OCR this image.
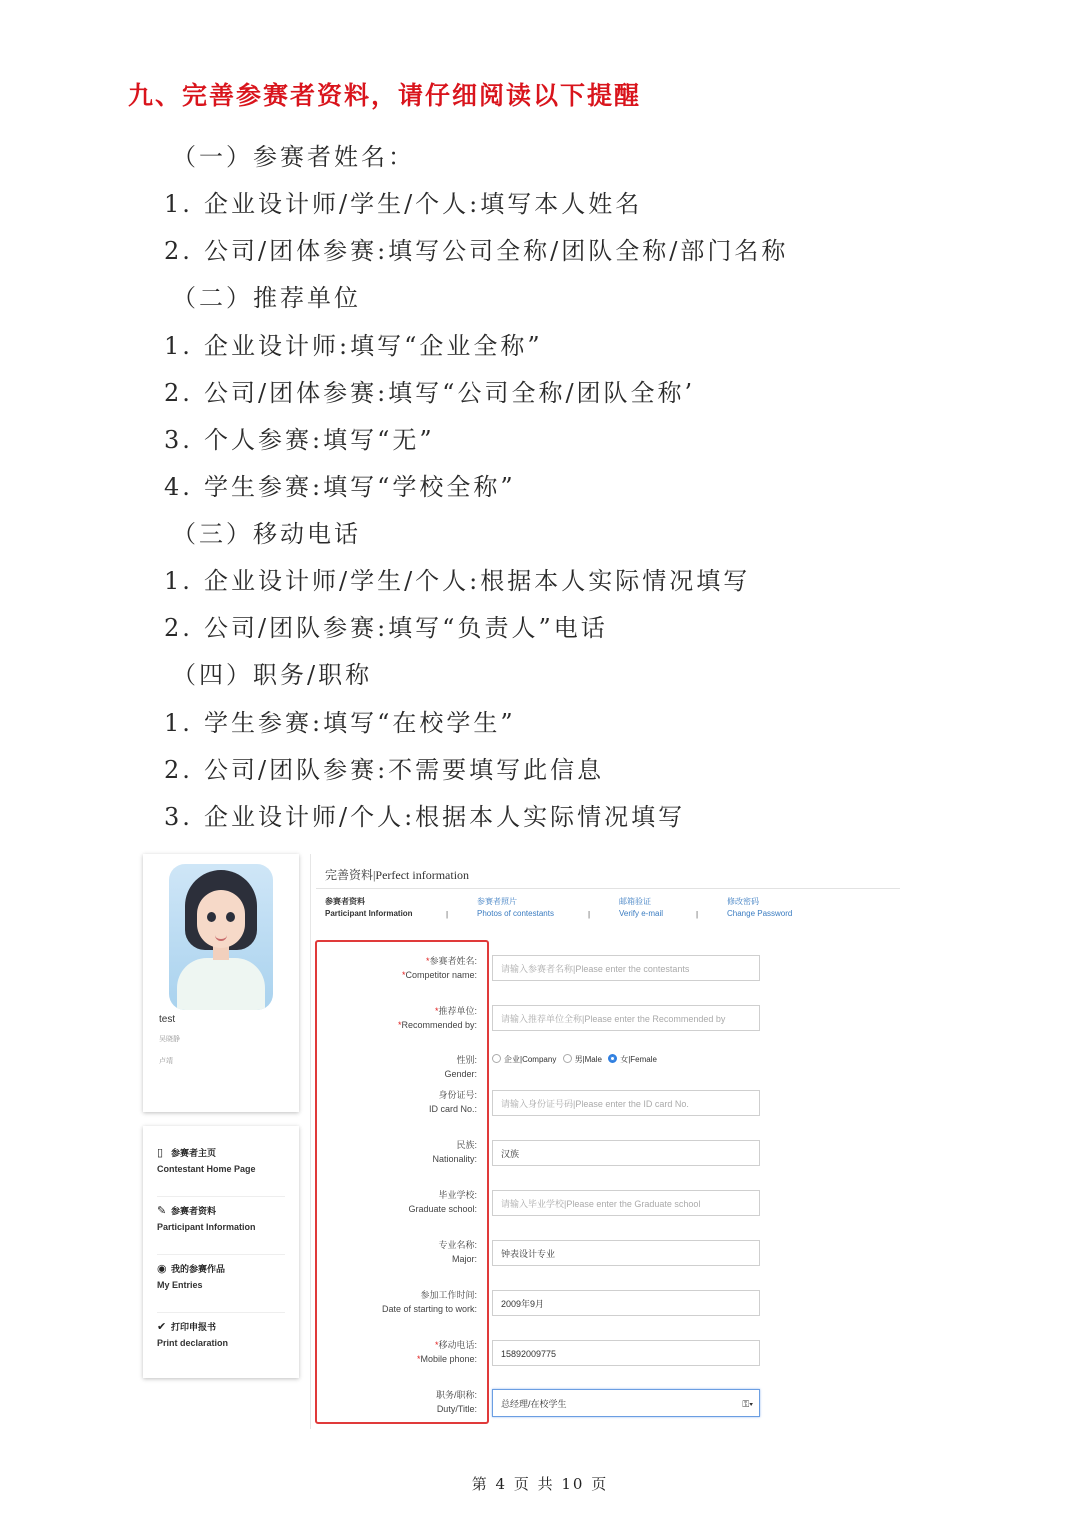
九、完善参赛者资料，请仔细阅读以下提醒
（一）参赛者姓名：
1. 企业设计师/学生/个人:填写本人姓名
2. 公司/团体参赛:填写公司全称/团队全称/部门名称
（二）推荐单位
1. 企业设计师:填写“企业全称”
2. 公司/团体参赛:填写“公司全称/团队全称’
3. 个人参赛:填写“无”
4. 学生参赛:填写“学校全称”
（三）移动电话
1. 企业设计师/学生/个人:根据本人实际情况填写
2. 公司/团队参赛:填写“负责人”电话
（四）职务/职称
1. 学生参赛:填写“在校学生”
2. 公司/团队参赛:不需要填写此信息
3. 企业设计师/个人:根据本人实际情况填写
test
吴晓静
卢靖
▯ 参赛者主页
Contestant Home Page
✎ 参赛者资料
Participant Information
◉ 我的参赛作品
My Entries
✔ 打印申报书
Print declaration
完善资料|Perfect information
参赛者资料
Participant Information	|
参赛者照片
Photos of contestants	|
邮箱验证
Verify e-mail	|
修改密码
Change Password
*参赛者姓名:
*Competitor name:
请输入参赛者名称|Please enter the contestants
*推荐单位:
*Recommended by:
请输入推荐单位全称|Please enter the Recommended by
性别:
Gender:
企业|Company 男|Male 女|Female
身份证号:
ID card No.:	请输入身份证号码|Please enter the ID card No.
民族:
Nationality:	汉族
毕业学校:
Graduate school:	请输入毕业学校|Please enter the Graduate school
专业名称:
Major:	钟表设计专业
参加工作时间:
Date of starting to work:	2009年9月
*移动电话:
*Mobile phone:	15892009775
职务/职称:
Duty/Title:	总经理/在校学生	⚿▾
第 4 页 共 10 页
